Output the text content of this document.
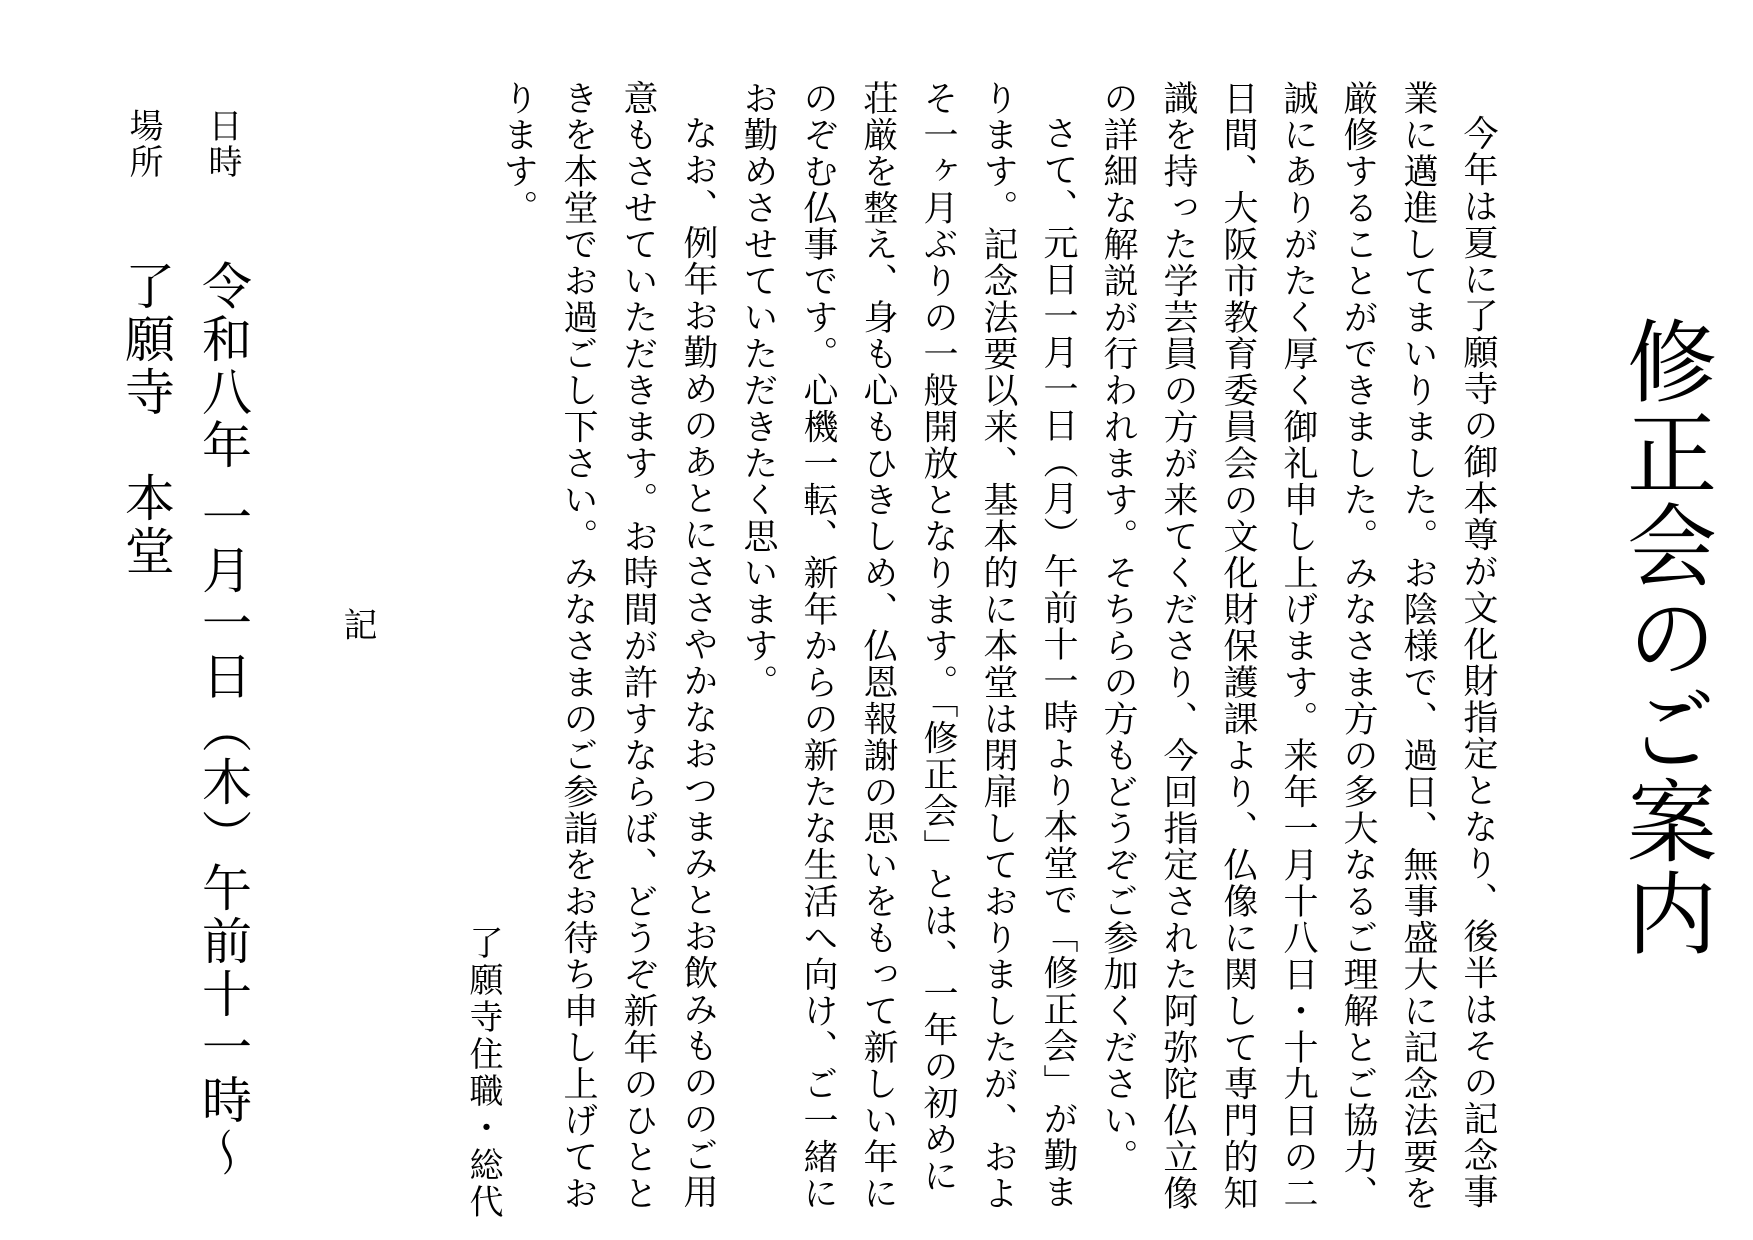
修正会のご案内

今年は夏に了願寺の御本尊が文化財指定となり、後半はその記念事業に邁進してまいりました。お陰様で、過日、無事盛大に記念法要を厳修することができました。みなさま方の多大なるご理解とご協力、誠にありがたく厚く御礼申し上げます。来年一月十八日・十九日の二日間、大阪市教育委員会の文化財保護課より、仏像に関して専門的知識を持った学芸員の方が来てくださり、今回指定された阿弥陀仏立像の詳細な解説が行われます。そちらの方もどうぞご参加ください。

さて、元日一月一日（月）午前十一時より本堂で「修正会」が勤まります。記念法要以来、基本的に本堂は閉扉しておりましたが、およそ一ヶ月ぶりの一般開放となります。「修正会」とは、一年の初めに荘厳を整え、身も心もひきしめ、仏恩報謝の思いをもって新しい年にのぞむ仏事です。心機一転、新年からの新たな生活へ向け、ご一緒にお勤めさせていただきたく思います。

なお、例年お勤めのあとにささやかなおつまみとお飲みもののご用意もさせていただきます。お時間が許すならば、どうぞ新年のひとときを本堂でお過ごし下さい。みなさまのご参詣をお待ち申し上げております。

了願寺住職・総代
記
日時
令和八年 一月一日（木）午前十一時～
場所
了願寺　本堂
